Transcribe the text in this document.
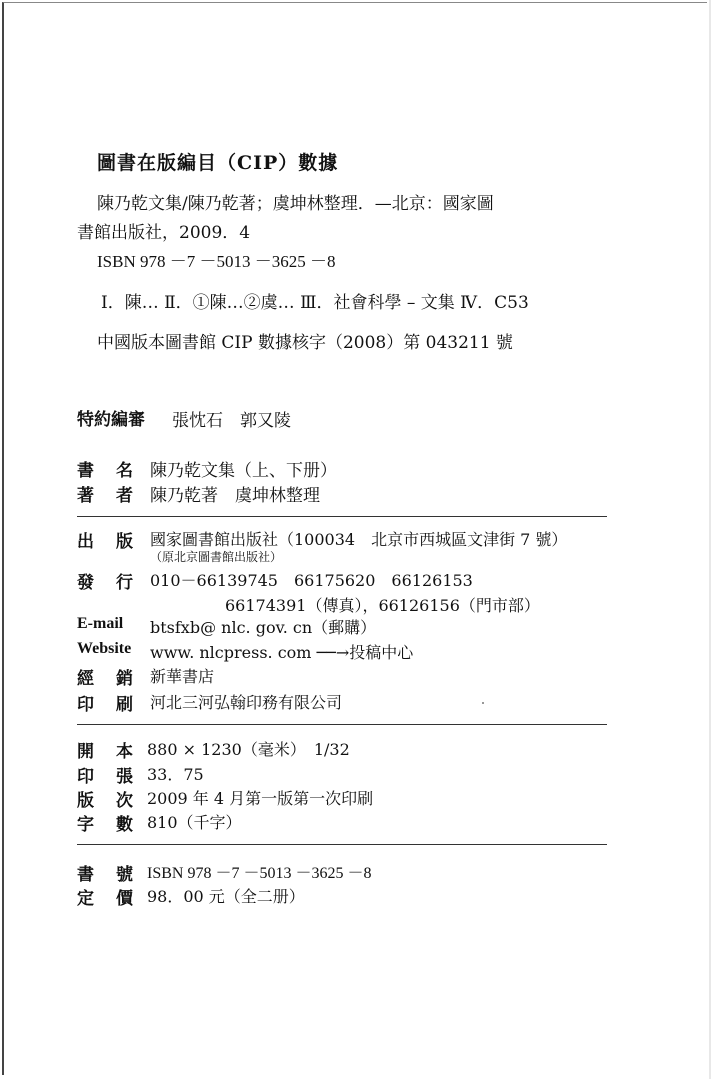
圖書在版編目（CIP）數據
陳乃乾文集/陳乃乾著；虞坤林整理．—北京：國家圖
書館出版社，2009．4
ISBN 978 －7 －5013 －3625 －8
Ⅰ．陳… Ⅱ．①陳…②虞… Ⅲ．社會科學 – 文集 Ⅳ．C53
中國版本圖書館 CIP 數據核字（2008）第 043211 號
特約編審 張忱石　郭又陵
書 名 陳乃乾文集（上、下册）
著 者 陳乃乾著　虞坤林整理
出 版 國家圖書館出版社（100034　北京市西城區文津街 7 號）
（原北京圖書館出版社）
發 行 010－66139745　66175620　66126153
66174391（傳真），66126156（門市部）
E-mail btsfxb@ nlc. gov. cn（郵購）
Website www. nlcpress. com ──→投稿中心
經 銷 新華書店
印 刷 河北三河弘翰印務有限公司
開 本 880 × 1230（毫米）　1/32
印 張 33．75
版 次 2009 年 4 月第一版第一次印刷
字 數 810（千字）
書 號 ISBN 978 －7 －5013 －3625 －8
定 價 98．00 元（全二册）
